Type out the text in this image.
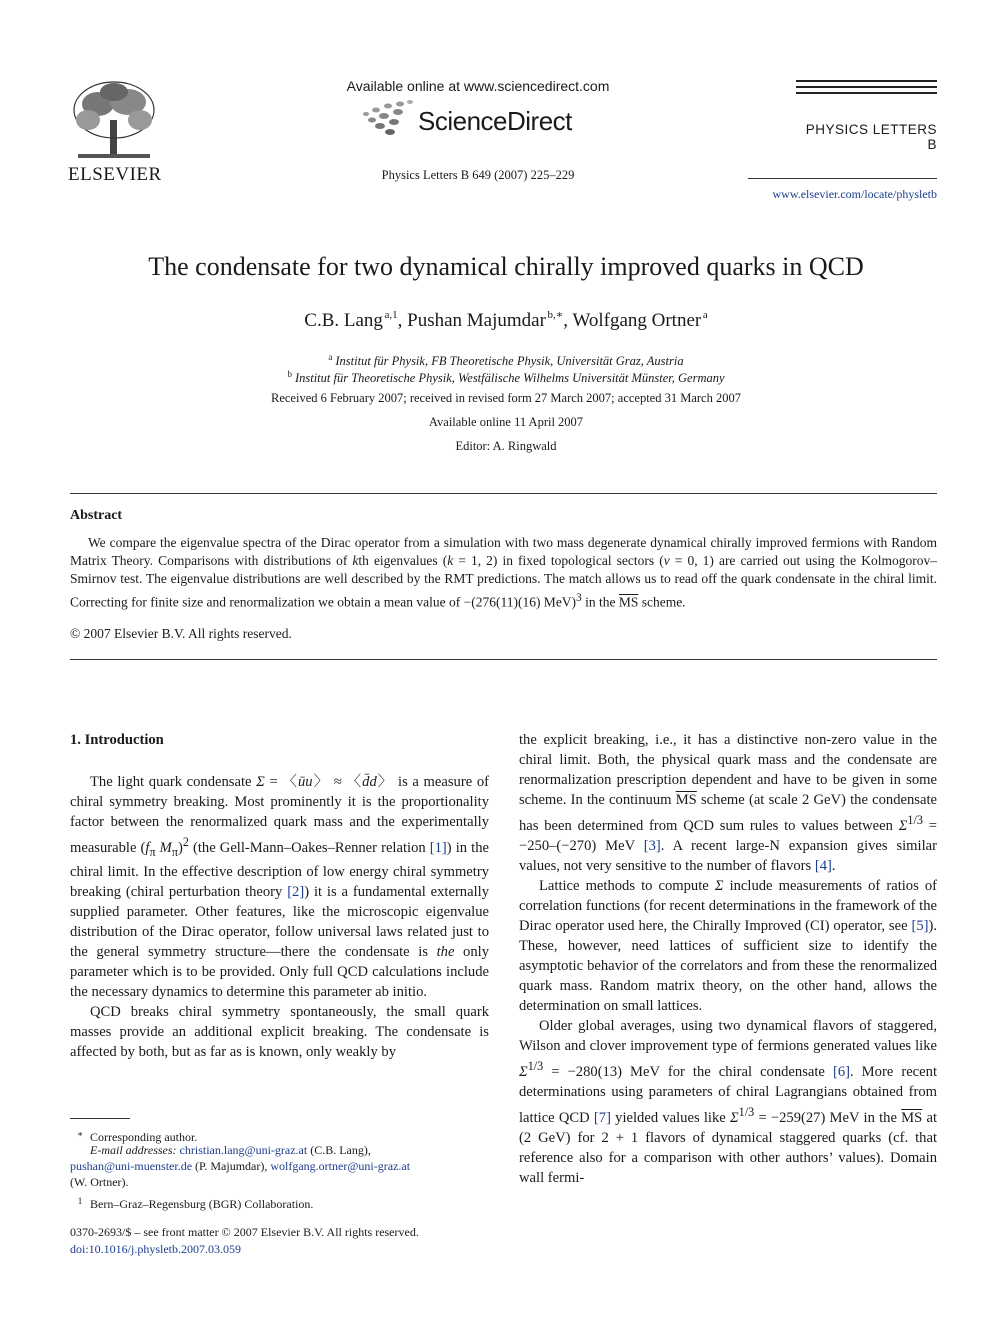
ELSEVIER
Available online at www.sciencedirect.com
ScienceDirect
Physics Letters B 649 (2007) 225–229
PHYSICS LETTERS B
www.elsevier.com/locate/physletb
The condensate for two dynamical chirally improved quarks in QCD
C.B. Lang  $^{a,1}$, Pushan Majumdar  $^{b,∗}$, Wolfgang Ortner  $^a$
$^a$ Institut für Physik, FB Theoretische Physik, Universität Graz, Austria
$^b$ Institut für Theoretische Physik, Westfälische Wilhelms Universität Münster, Germany
Received 6 February 2007; received in revised form 27 March 2007; accepted 31 March 2007
Available online 11 April 2007
Editor: A. Ringwald
Abstract
We compare the eigenvalue spectra of the Dirac operator from a simulation with two mass degenerate dynamical chirally improved fermions with Random Matrix Theory. Comparisons with distributions of kth eigenvalues (k = 1, 2) in fixed topological sectors (ν = 0, 1) are carried out using the Kolmogorov–Smirnov test. The eigenvalue distributions are well described by the RMT predictions. The match allows us to read off the quark condensate in the chiral limit. Correcting for finite size and renormalization we obtain a mean value of −(276(11)(16) MeV)$^3$ in the $\overline{MS}$ scheme.
© 2007 Elsevier B.V. All rights reserved.
1. Introduction

The light quark condensate Σ = 〈ūu〉 ≈ 〈d̄d〉 is a measure of chiral symmetry breaking. Most prominently it is the proportionality factor between the renormalized quark mass and the experimentally measurable ($f_\pi$ $M_\pi)^2$ (the Gell-Mann–Oakes–Renner relation [1]) in the chiral limit. In the effective description of low energy chiral symmetry breaking (chiral perturbation theory [2]) it is a fundamental externally supplied parameter. Other features, like the microscopic eigenvalue distribution of the Dirac operator, follow universal laws related just to the general symmetry structure—there the condensate is the only parameter which is to be provided. Only full QCD calculations include the necessary dynamics to determine this parameter ab initio.

QCD breaks chiral symmetry spontaneously, the small quark masses provide an additional explicit breaking. The condensate is affected by both, but as far as is known, only weakly by

the explicit breaking, i.e., it has a distinctive non-zero value in the chiral limit. Both, the physical quark mass and the condensate are renormalization prescription dependent and have to be given in some scheme. In the continuum $\overline{MS}$ scheme (at scale 2 GeV) the condensate has been determined from QCD sum rules to values between $\Sigma^{1/3} = -250-(-270)$ MeV [3]. A recent large-N expansion gives similar values, not very sensitive to the number of flavors [4].

Lattice methods to compute Σ include measurements of ratios of correlation functions (for recent determinations in the framework of the Dirac operator used here, the Chirally Improved (CI) operator, see [5]). These, however, need lattices of sufficient size to identify the asymptotic behavior of the correlators and from these the renormalized quark mass. Random matrix theory, on the other hand, allows the determination on small lattices.

Older global averages, using two dynamical flavors of staggered, Wilson and clover improvement type of fermions generated values like $\Sigma^{1/3} = -280(13)$ MeV for the chiral condensate [6]. More recent determinations using parameters of chiral Lagrangians obtained from lattice QCD [7] yielded values like $\Sigma^{1/3} = -259(27)$ MeV in the $\overline{MS}$ at (2 GeV) for 2 + 1 flavors of dynamical staggered quarks (cf. that reference also for a comparison with other authors’ values). Domain wall fermi-

∗ Corresponding author.
E-mail addresses: christian.lang@uni-graz.at (C.B. Lang),
pushan@uni-muenster.de (P. Majumdar), wolfgang.ortner@uni-graz.at
(W. Ortner).
1 Bern–Graz–Regensburg (BGR) Collaboration.
0370-2693/$ – see front matter © 2007 Elsevier B.V. All rights reserved.
doi:10.1016/j.physletb.2007.03.059
